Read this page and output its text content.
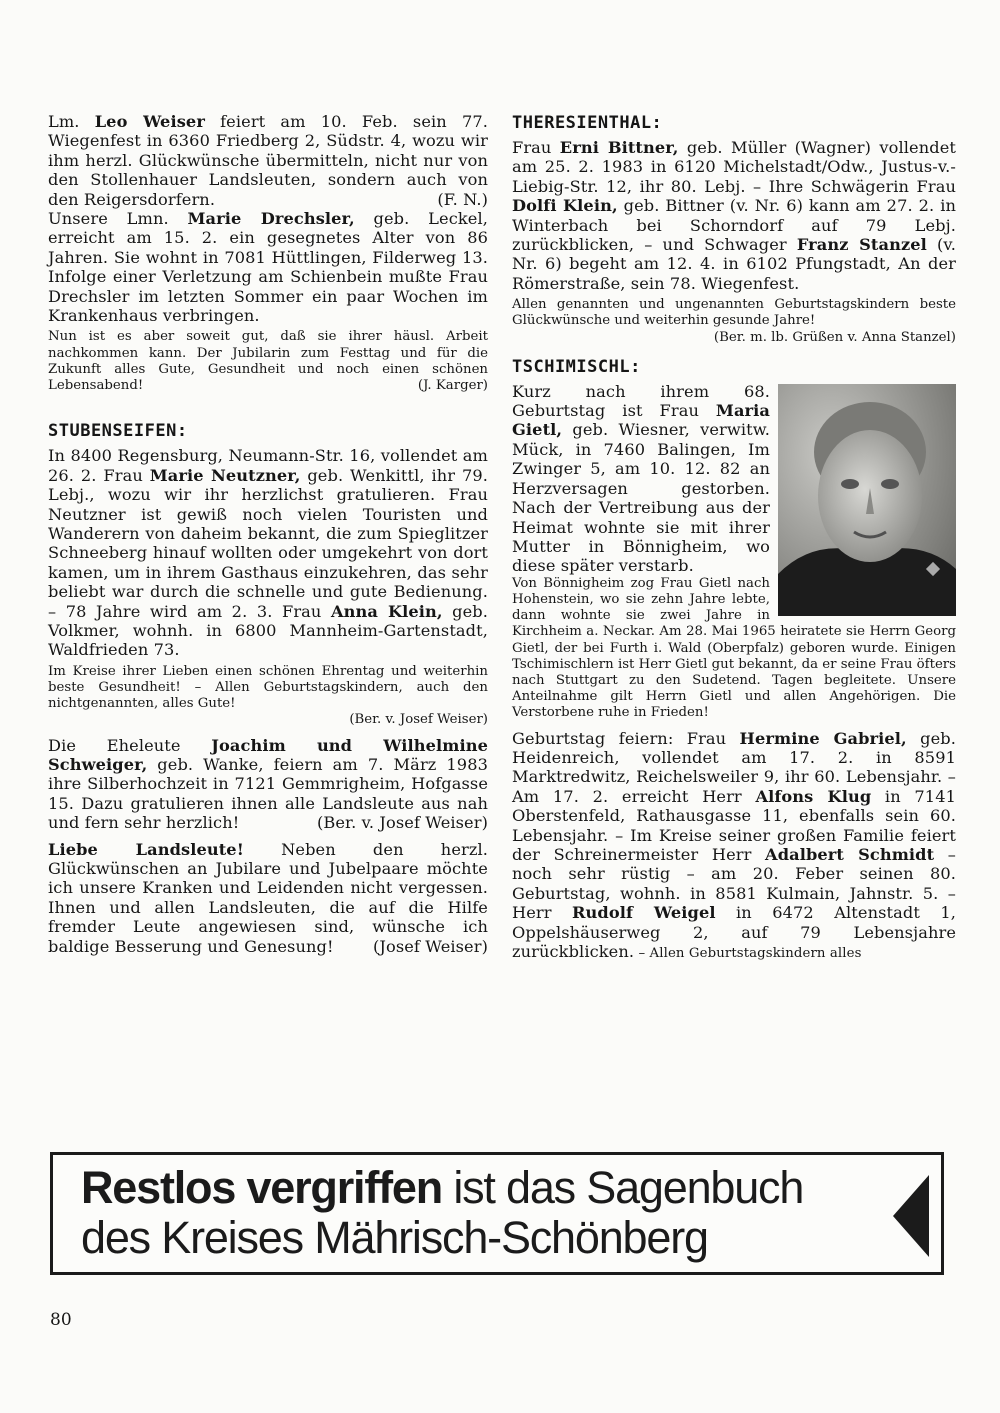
Lm. Leo Weiser feiert am 10. Feb. sein 77. Wiegenfest in 6360 Friedberg 2, Südstr. 4, wozu wir ihm herzl. Glückwünsche übermitteln, nicht nur von den Stollenhauer Landsleuten, sondern auch von den Reigersdorfern.	(F. N.)

Unsere Lmn. Marie Drechsler, geb. Leckel, erreicht am 15. 2. ein gesegnetes Alter von 86 Jahren. Sie wohnt in 7081 Hüttlingen, Filderweg 13. Infolge einer Verletzung am Schienbein mußte Frau Drechsler im letzten Sommer ein paar Wochen im Krankenhaus verbringen.

Nun ist es aber soweit gut, daß sie ihrer häusl. Arbeit nachkommen kann. Der Jubilarin zum Festtag und für die Zukunft alles Gute, Gesundheit und noch einen schönen Lebensabend!	(J. Karger)

STUBENSEIFEN:

In 8400 Regensburg, Neumann-Str. 16, vollendet am 26. 2. Frau Marie Neutzner, geb. Wenkittl, ihr 79. Lebj., wozu wir ihr herzlichst gratulieren. Frau Neutzner ist gewiß noch vielen Touristen und Wanderern von daheim bekannt, die zum Spieglitzer Schneeberg hinauf wollten oder umgekehrt von dort kamen, um in ihrem Gasthaus einzukehren, das sehr beliebt war durch die schnelle und gute Bedienung. – 78 Jahre wird am 2. 3. Frau Anna Klein, geb. Volkmer, wohnh. in 6800 Mannheim-Gartenstadt, Waldfrieden 73.

Im Kreise ihrer Lieben einen schönen Ehrentag und weiterhin beste Gesundheit! – Allen Geburtstagskindern, auch den nichtgenannten, alles Gute!

(Ber. v. Josef Weiser)

Die Eheleute Joachim und Wilhelmine Schweiger, geb. Wanke, feiern am 7. März 1983 ihre Silberhochzeit in 7121 Gemmrigheim, Hofgasse 15. Dazu gratulieren ihnen alle Landsleute aus nah und fern sehr herzlich!	(Ber. v. Josef Weiser)

Liebe Landsleute! Neben den herzl. Glückwünschen an Jubilare und Jubelpaare möchte ich unsere Kranken und Leidenden nicht vergessen. Ihnen und allen Landsleuten, die auf die Hilfe fremder Leute angewiesen sind, wünsche ich baldige Besserung und Genesung! (Josef Weiser)

THERESIENTHAL:

Frau Erni Bittner, geb. Müller (Wagner) vollendet am 25. 2. 1983 in 6120 Michelstadt/Odw., Justus-v.-Liebig-Str. 12, ihr 80. Lebj. – Ihre Schwägerin Frau Dolfi Klein, geb. Bittner (v. Nr. 6) kann am 27. 2. in Winterbach bei Schorndorf auf 79 Lebj. zurückblicken, – und Schwager Franz Stanzel (v. Nr. 6) begeht am 12. 4. in 6102 Pfungstadt, An der Römerstraße, sein 78. Wiegenfest.

Allen genannten und ungenannten Geburtstagskindern beste Glückwünsche und weiterhin gesunde Jahre!
(Ber. m. lb. Grüßen v. Anna Stanzel)

TSCHIMISCHL:

Kurz nach ihrem 68. Geburtstag ist Frau Maria Gietl, geb. Wiesner, verwitw. Mück, in 7460 Balingen, Im Zwinger 5, am 10. 12. 82 an Herzversagen gestorben. Nach der Vertreibung aus der Heimat wohnte sie mit ihrer Mutter in Bönnigheim, wo diese später verstarb.

Von Bönnigheim zog Frau Gietl nach Hohenstein, wo sie zehn Jahre lebte, dann wohnte sie zwei Jahre in Kirchheim a. Neckar. Am 28. Mai 1965 heiratete sie Herrn Georg Gietl, der bei Furth i. Wald (Oberpfalz) geboren wurde. Einigen Tschimischlern ist Herr Gietl gut bekannt, da er seine Frau öfters nach Stuttgart zu den Sudetend. Tagen begleitete. Unsere Anteilnahme gilt Herrn Gietl und allen Angehörigen. Die Verstorbene ruhe in Frieden!

Geburtstag feiern: Frau Hermine Gabriel, geb. Heidenreich, vollendet am 17. 2. in 8591 Marktredwitz, Reichelsweiler 9, ihr 60. Lebensjahr. – Am 17. 2. erreicht Herr Alfons Klug in 7141 Oberstenfeld, Rathausgasse 11, ebenfalls sein 60. Lebensjahr. – Im Kreise seiner großen Familie feiert der Schreinermeister Herr Adalbert Schmidt – noch sehr rüstig – am 20. Feber seinen 80. Geburtstag, wohnh. in 8581 Kulmain, Jahnstr. 5. – Herr Rudolf Weigel in 6472 Altenstadt 1, Oppelshäuserweg 2, auf 79 Lebensjahre zurückblicken. – Allen Geburtstagskindern alles

Restlos vergriffen ist das Sagenbuch
des Kreises Mährisch-Schönberg
80
